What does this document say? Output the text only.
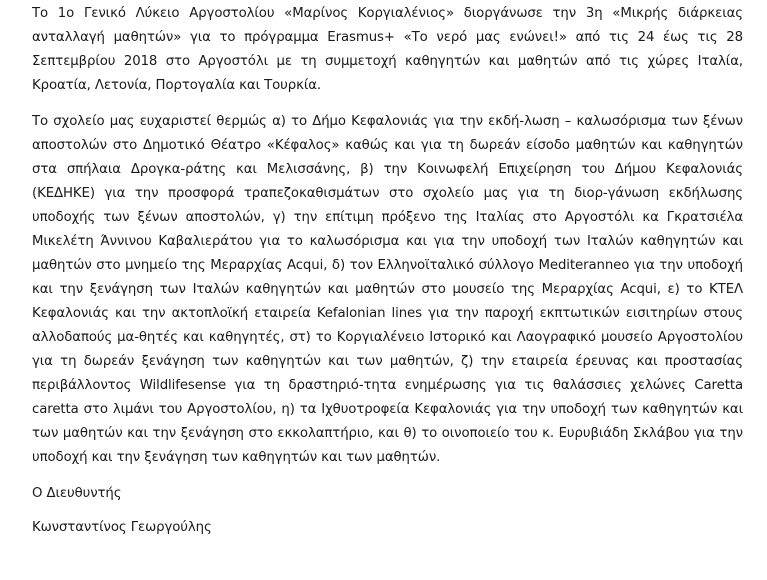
Το 1ο Γενικό Λύκειο Αργοστολίου «Μαρίνος Κοργιαλένιος» διοργάνωσε την 3η «Μικρής διάρκειας ανταλλαγή μαθητών» για το πρόγραμμα Erasmus+ «Το νερό μας ενώνει!» από τις 24 έως τις 28 Σεπτεμβρίου 2018 στο Αργοστόλι με τη συμμετοχή καθηγητών και μαθητών από τις χώρες Ιταλία, Κροατία, Λετονία, Πορτογαλία και Τουρκία.

Το σχολείο μας ευχαριστεί θερμώς α) το Δήμο Κεφαλονιάς για την εκδή-λωση – καλωσόρισμα των ξένων αποστολών στο Δημοτικό Θέατρο «Κέφαλος» καθώς και για τη δωρεάν είσοδο μαθητών και καθηγητών στα σπήλαια Δρογκα-ράτης και Μελισσάνης, β) την Κοινωφελή Επιχείρηση του Δήμου Κεφαλονιάς (ΚΕΔΗΚΕ) για την προσφορά τραπεζοκαθισμάτων στο σχολείο μας για τη διορ-γάνωση εκδήλωσης υποδοχής των ξένων αποστολών, γ) την επίτιμη πρόξενο της Ιταλίας στο Αργοστόλι κα Γκρατσιέλα Μικελέτη Άννινου Καβαλιεράτου για το καλωσόρισμα και για την υποδοχή των Ιταλών καθηγητών και μαθητών στο μνημείο της Μεραρχίας Acqui, δ) τον Ελληνοϊταλικό σύλλογο Mediteranneo για την υποδοχή και την ξενάγηση των Ιταλών καθηγητών και μαθητών στο μουσείο της Μεραρχίας Acqui, ε) το ΚΤΕΛ Κεφαλονιάς και την ακτοπλοϊκή εταιρεία Kefalonian lines για την παροχή εκπτωτικών εισιτηρίων στους αλλοδαπούς μα-θητές και καθηγητές, στ) το Κοργιαλένειο Ιστορικό και Λαογραφικό μουσείο Αργοστολίου για τη δωρεάν ξενάγηση των καθηγητών και των μαθητών, ζ) την εταιρεία έρευνας και προστασίας περιβάλλοντος Wildlifesense για τη δραστηριό-τητα ενημέρωσης για τις θαλάσσιες χελώνες Caretta caretta στο λιμάνι του Αργοστολίου, η) τα Ιχθυοτροφεία Κεφαλονιάς για την υποδοχή των καθηγητών και των μαθητών και την ξενάγηση στο εκκολαπτήριο, και θ) το οινοποιείο του κ. Ευρυβιάδη Σκλάβου για την υποδοχή και την ξενάγηση των καθηγητών και των μαθητών.

Ο Διευθυντής

Κωνσταντίνος Γεωργούλης
